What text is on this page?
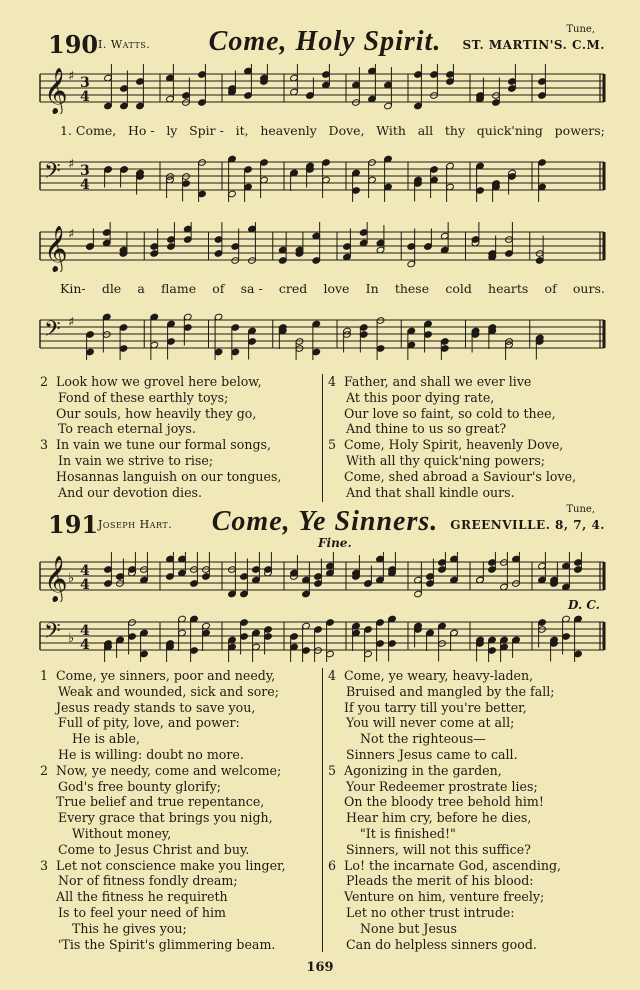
190 I. Watts.	Come, Holy Spirit.	Tune,
ST. MARTIN'S. C.M.
𝄞 ♯ 3
4
1. Come, Ho - ly Spir - it, heavenly Dove, With all thy quick'ning powers;
𝄢 ♯ 3
4
𝄞 ♯
Kin- dle a flame of sa - cred love In these cold hearts of ours.
𝄢 ♯
2 Look how we grovel here below,
Fond of these earthly toys;
Our souls, how heavily they go,
To reach eternal joys.
3 In vain we tune our formal songs,
In vain we strive to rise;
Hosannas languish on our tongues,
And our devotion dies.
4 Father, and shall we ever live
At this poor dying rate,
Our love so faint, so cold to thee,
And thine to us so great?
5 Come, Holy Spirit, heavenly Dove,
With all thy quick'ning powers;
Come, shed abroad a Saviour's love,
And that shall kindle ours.
191 Joseph Hart.	Come, Ye Sinners.	Tune,
GREENVILLE. 8, 7, 4.
Fine.
𝄞 ♭ 4
4
D. C.
𝄢 ♭ 4
4
1 Come, ye sinners, poor and needy,
Weak and wounded, sick and sore;
Jesus ready stands to save you,
Full of pity, love, and power:
He is able,
He is willing: doubt no more.
2 Now, ye needy, come and welcome;
God's free bounty glorify;
True belief and true repentance,
Every grace that brings you nigh,
Without money,
Come to Jesus Christ and buy.
3 Let not conscience make you linger,
Nor of fitness fondly dream;
All the fitness he requireth
Is to feel your need of him
This he gives you;
'Tis the Spirit's glimmering beam.
4 Come, ye weary, heavy-laden,
Bruised and mangled by the fall;
If you tarry till you're better,
You will never come at all;
Not the righteous—
Sinners Jesus came to call.
5 Agonizing in the garden,
Your Redeemer prostrate lies;
On the bloody tree behold him!
Hear him cry, before he dies,
"It is finished!"
Sinners, will not this suffice?
6 Lo! the incarnate God, ascending,
Pleads the merit of his blood:
Venture on him, venture freely;
Let no other trust intrude:
None but Jesus
Can do helpless sinners good.
169
